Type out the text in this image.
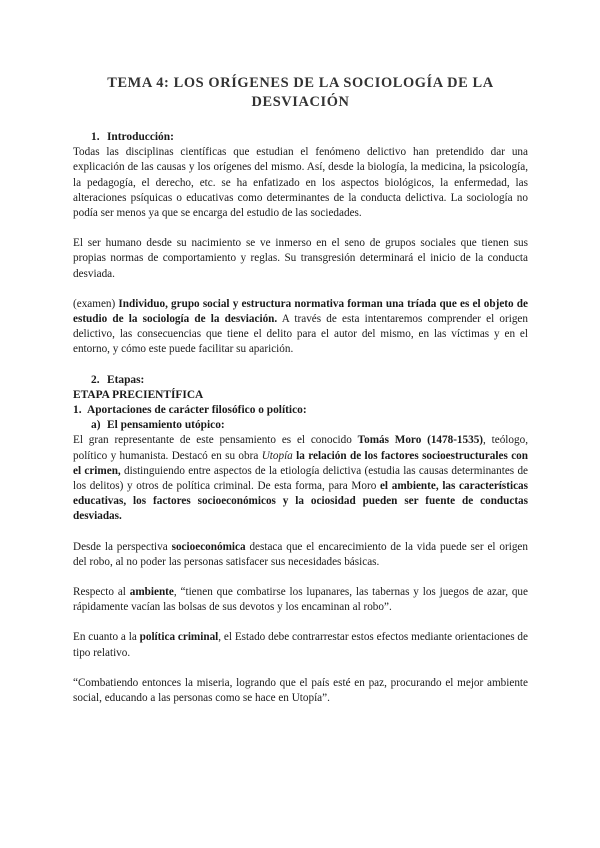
TEMA 4: LOS ORÍGENES DE LA SOCIOLOGÍA DE LA
DESVIACIÓN
1. Introducción:

Todas las disciplinas científicas que estudian el fenómeno delictivo han pretendido dar una explicación de las causas y los orígenes del mismo. Así, desde la biología, la medicina, la psicología, la pedagogía, el derecho, etc. se ha enfatizado en los aspectos biológicos, la enfermedad, las alteraciones psíquicas o educativas como determinantes de la conducta delictiva. La sociología no podía ser menos ya que se encarga del estudio de las sociedades.

El ser humano desde su nacimiento se ve inmerso en el seno de grupos sociales que tienen sus propias normas de comportamiento y reglas. Su transgresión determinará el inicio de la conducta desviada.

(examen) Individuo, grupo social y estructura normativa forman una tríada que es el objeto de estudio de la sociología de la desviación. A través de esta intentaremos comprender el origen delictivo, las consecuencias que tiene el delito para el autor del mismo, en las víctimas y en el entorno, y cómo este puede facilitar su aparición.

2. Etapas:
ETAPA PRECIENTÍFICA
1. Aportaciones de carácter filosófico o político:
a) El pensamiento utópico:

El gran representante de este pensamiento es el conocido Tomás Moro (1478-1535), teólogo, político y humanista. Destacó en su obra Utopía la relación de los factores socioestructurales con el crimen, distinguiendo entre aspectos de la etiología delictiva (estudia las causas determinantes de los delitos) y otros de política criminal. De esta forma, para Moro el ambiente, las características educativas, los factores socioeconómicos y la ociosidad pueden ser fuente de conductas desviadas.

Desde la perspectiva socioeconómica destaca que el encarecimiento de la vida puede ser el origen del robo, al no poder las personas satisfacer sus necesidades básicas.

Respecto al ambiente, “tienen que combatirse los lupanares, las tabernas y los juegos de azar, que rápidamente vacían las bolsas de sus devotos y los encaminan al robo”.

En cuanto a la política criminal, el Estado debe contrarrestar estos efectos mediante orientaciones de tipo relativo.

“Combatiendo entonces la miseria, logrando que el país esté en paz, procurando el mejor ambiente social, educando a las personas como se hace en Utopía”.
